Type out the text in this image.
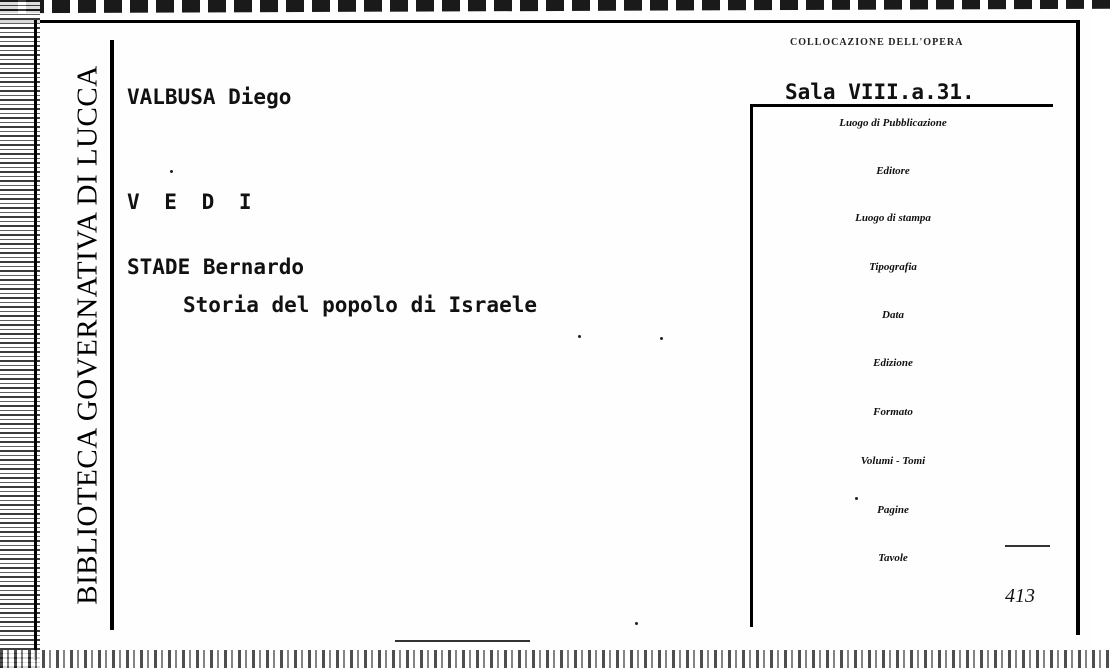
BIBLIOTECA GOVERNATIVA DI LUCCA VALBUSA Diego
V E D I
STADE Bernardo
Storia del popolo di Israele
COLLOCAZIONE DELL'OPERA
Sala VIII.a.31.
Luogo di Pubblicazione
Editore
Luogo di stampa
Tipografia
Data
Edizione
Formato
Volumi - Tomi
Pagine
Tavole
413
